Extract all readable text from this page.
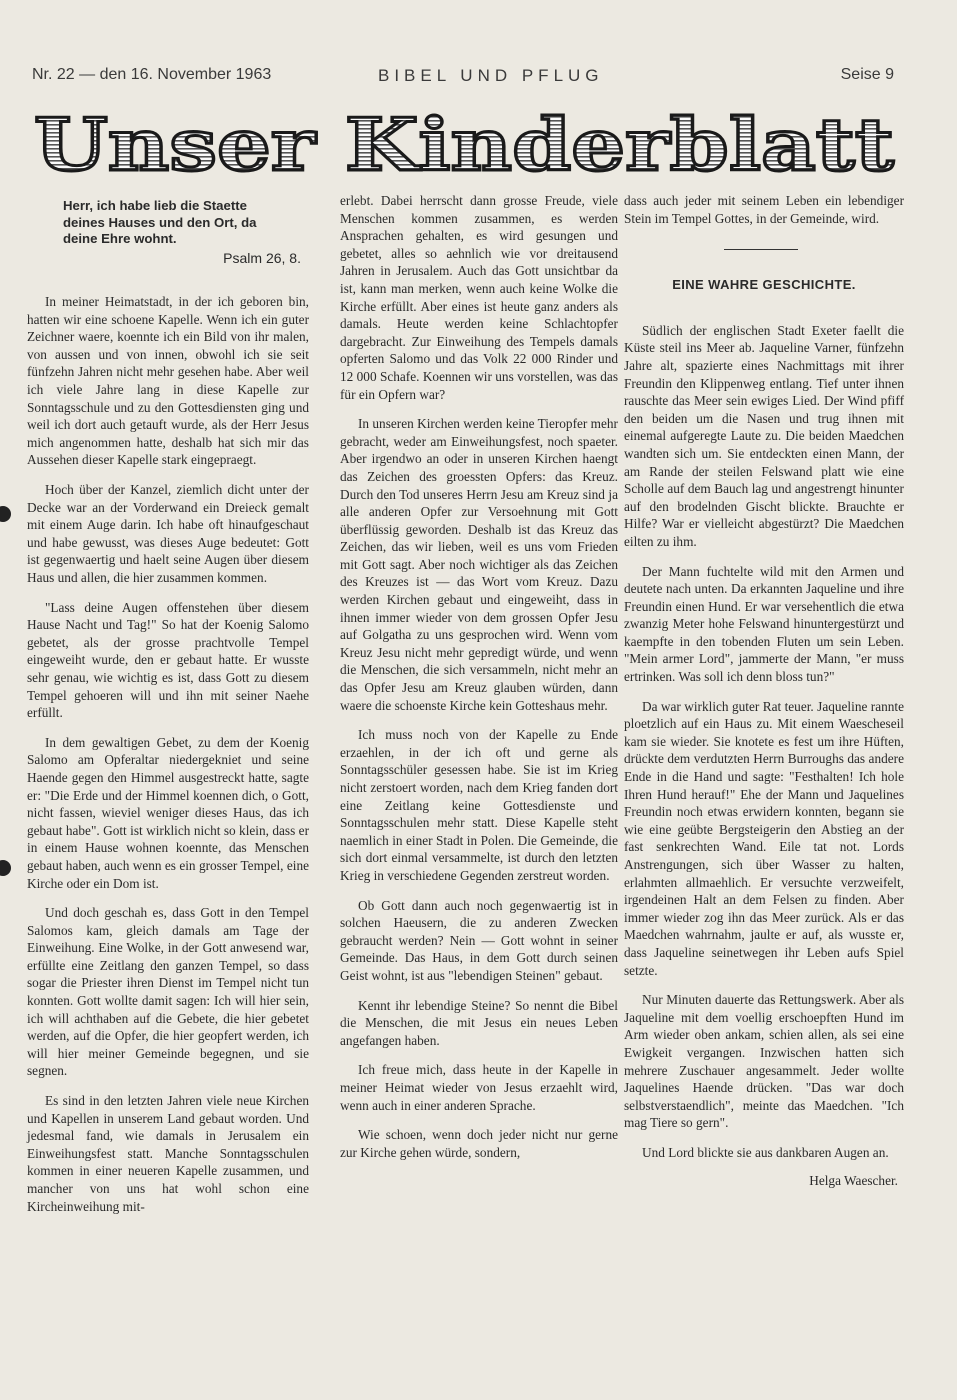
Nr. 22 — den 16. November 1963	BIBEL UND PFLUG	Seise 9
Unser Kinderblatt
Herr, ich habe lieb die Staette
deines Hauses und den Ort, da
deine Ehre wohnt.
Psalm 26, 8.

In meiner Heimatstadt, in der ich geboren bin, hatten wir eine schoene Kapelle. Wenn ich ein guter Zeichner waere, koennte ich ein Bild von ihr malen, von aussen und von innen, obwohl ich sie seit fünfzehn Jahren nicht mehr gesehen habe. Aber weil ich viele Jahre lang in diese Kapelle zur Sonntagsschule und zu den Gottesdiensten ging und weil ich dort auch getauft wurde, als der Herr Jesus mich angenommen hatte, deshalb hat sich mir das Aussehen dieser Kapelle stark eingepraegt.

Hoch über der Kanzel, ziemlich dicht unter der Decke war an der Vorderwand ein Dreieck gemalt mit einem Auge darin. Ich habe oft hinaufgeschaut und habe gewusst, was dieses Auge bedeutet: Gott ist gegenwaertig und haelt seine Augen über diesem Haus und allen, die hier zusammen kommen.

"Lass deine Augen offenstehen über diesem Hause Nacht und Tag!" So hat der Koenig Salomo gebetet, als der grosse prachtvolle Tempel eingeweiht wurde, den er gebaut hatte. Er wusste sehr genau, wie wichtig es ist, dass Gott zu diesem Tempel gehoeren will und ihn mit seiner Naehe erfüllt.

In dem gewaltigen Gebet, zu dem der Koenig Salomo am Opferaltar niedergekniet und seine Haende gegen den Himmel ausgestreckt hatte, sagte er: "Die Erde und der Himmel koennen dich, o Gott, nicht fassen, wieviel weniger dieses Haus, das ich gebaut habe". Gott ist wirklich nicht so klein, dass er in einem Hause wohnen koennte, das Menschen gebaut haben, auch wenn es ein grosser Tempel, eine Kirche oder ein Dom ist.

Und doch geschah es, dass Gott in den Tempel Salomos kam, gleich damals am Tage der Einweihung. Eine Wolke, in der Gott anwesend war, erfüllte eine Zeitlang den ganzen Tempel, so dass sogar die Priester ihren Dienst im Tempel nicht tun konnten. Gott wollte damit sagen: Ich will hier sein, ich will achthaben auf die Gebete, die hier gebetet werden, auf die Opfer, die hier geopfert werden, ich will hier meiner Gemeinde begegnen, und sie segnen.

Es sind in den letzten Jahren viele neue Kirchen und Kapellen in unserem Land gebaut worden. Und jedesmal fand, wie damals in Jerusalem ein Einweihungsfest statt. Manche Sonntagsschulen kommen in einer neueren Kapelle zusammen, und mancher von uns hat wohl schon eine Kircheinweihung mit-

erlebt. Dabei herrscht dann grosse Freude, viele Menschen kommen zusammen, es werden Ansprachen gehalten, es wird gesungen und gebetet, alles so aehnlich wie vor dreitausend Jahren in Jerusalem. Auch das Gott unsichtbar da ist, kann man merken, wenn auch keine Wolke die Kirche erfüllt. Aber eines ist heute ganz anders als damals. Heute werden keine Schlachtopfer dargebracht. Zur Einweihung des Tempels damals opferten Salomo und das Volk 22 000 Rinder und 12 000 Schafe. Koennen wir uns vorstellen, was das für ein Opfern war?

In unseren Kirchen werden keine Tieropfer mehr gebracht, weder am Einweihungsfest, noch spaeter. Aber irgendwo an oder in unseren Kirchen haengt das Zeichen des groessten Opfers: das Kreuz. Durch den Tod unseres Herrn Jesu am Kreuz sind ja alle anderen Opfer zur Versoehnung mit Gott überflüssig geworden. Deshalb ist das Kreuz das Zeichen, das wir lieben, weil es uns vom Frieden mit Gott sagt. Aber noch wichtiger als das Zeichen des Kreuzes ist — das Wort vom Kreuz. Dazu werden Kirchen gebaut und eingeweiht, dass in ihnen immer wieder von dem grossen Opfer Jesu auf Golgatha zu uns gesprochen wird. Wenn vom Kreuz Jesu nicht mehr gepredigt würde, und wenn die Menschen, die sich versammeln, nicht mehr an das Opfer Jesu am Kreuz glauben würden, dann waere die schoenste Kirche kein Gotteshaus mehr.

Ich muss noch von der Kapelle zu Ende erzaehlen, in der ich oft und gerne als Sonntagsschüler gesessen habe. Sie ist im Krieg nicht zerstoert worden, nach dem Krieg fanden dort eine Zeitlang keine Gottesdienste und Sonntagsschulen mehr statt. Diese Kapelle steht naemlich in einer Stadt in Polen. Die Gemeinde, die sich dort einmal versammelte, ist durch den letzten Krieg in verschiedene Gegenden zerstreut worden.

Ob Gott dann auch noch gegenwaertig ist in solchen Haeusern, die zu anderen Zwecken gebraucht werden? Nein — Gott wohnt in seiner Gemeinde. Das Haus, in dem Gott durch seinen Geist wohnt, ist aus "lebendigen Steinen" gebaut.

Kennt ihr lebendige Steine? So nennt die Bibel die Menschen, die mit Jesus ein neues Leben angefangen haben.

Ich freue mich, dass heute in der Kapelle in meiner Heimat wieder von Jesus erzaehlt wird, wenn auch in einer anderen Sprache.

Wie schoen, wenn doch jeder nicht nur gerne zur Kirche gehen würde, sondern,

dass auch jeder mit seinem Leben ein lebendiger Stein im Tempel Gottes, in der Gemeinde, wird.

EINE WAHRE GESCHICHTE.

Südlich der englischen Stadt Exeter faellt die Küste steil ins Meer ab. Jaqueline Varner, fünfzehn Jahre alt, spazierte eines Nachmittags mit ihrer Freundin den Klippenweg entlang. Tief unter ihnen rauschte das Meer sein ewiges Lied. Der Wind pfiff den beiden um die Nasen und trug ihnen mit einemal aufgeregte Laute zu. Die beiden Maedchen wandten sich um. Sie entdeckten einen Mann, der am Rande der steilen Felswand platt wie eine Scholle auf dem Bauch lag und angestrengt hinunter auf den brodelnden Gischt blickte. Brauchte er Hilfe? War er vielleicht abgestürzt? Die Maedchen eilten zu ihm.

Der Mann fuchtelte wild mit den Armen und deutete nach unten. Da erkannten Jaqueline und ihre Freundin einen Hund. Er war versehentlich die etwa zwanzig Meter hohe Felswand hinuntergestürzt und kaempfte in den tobenden Fluten um sein Leben. "Mein armer Lord", jammerte der Mann, "er muss ertrinken. Was soll ich denn bloss tun?"

Da war wirklich guter Rat teuer. Jaqueline rannte ploetzlich auf ein Haus zu. Mit einem Waescheseil kam sie wieder. Sie knotete es fest um ihre Hüften, drückte dem verdutzten Herrn Burroughs das andere Ende in die Hand und sagte: "Festhalten! Ich hole Ihren Hund herauf!" Ehe der Mann und Jaquelines Freundin noch etwas erwidern konnten, begann sie wie eine geübte Bergsteigerin den Abstieg an der fast senkrechten Wand. Eile tat not. Lords Anstrengungen, sich über Wasser zu halten, erlahmten allmaehlich. Er versuchte verzweifelt, irgendeinen Halt an dem Felsen zu finden. Aber immer wieder zog ihn das Meer zurück. Als er das Maedchen wahrnahm, jaulte er auf, als wusste er, dass Jaqueline seinetwegen ihr Leben aufs Spiel setzte.

Nur Minuten dauerte das Rettungswerk. Aber als Jaqueline mit dem voellig erschoepften Hund im Arm wieder oben ankam, schien allen, als sei eine Ewigkeit vergangen. Inzwischen hatten sich mehrere Zuschauer angesammelt. Jeder wollte Jaquelines Haende drücken. "Das war doch selbstverstaendlich", meinte das Maedchen. "Ich mag Tiere so gern".

Und Lord blickte sie aus dankbaren Augen an.

Helga Waescher.
